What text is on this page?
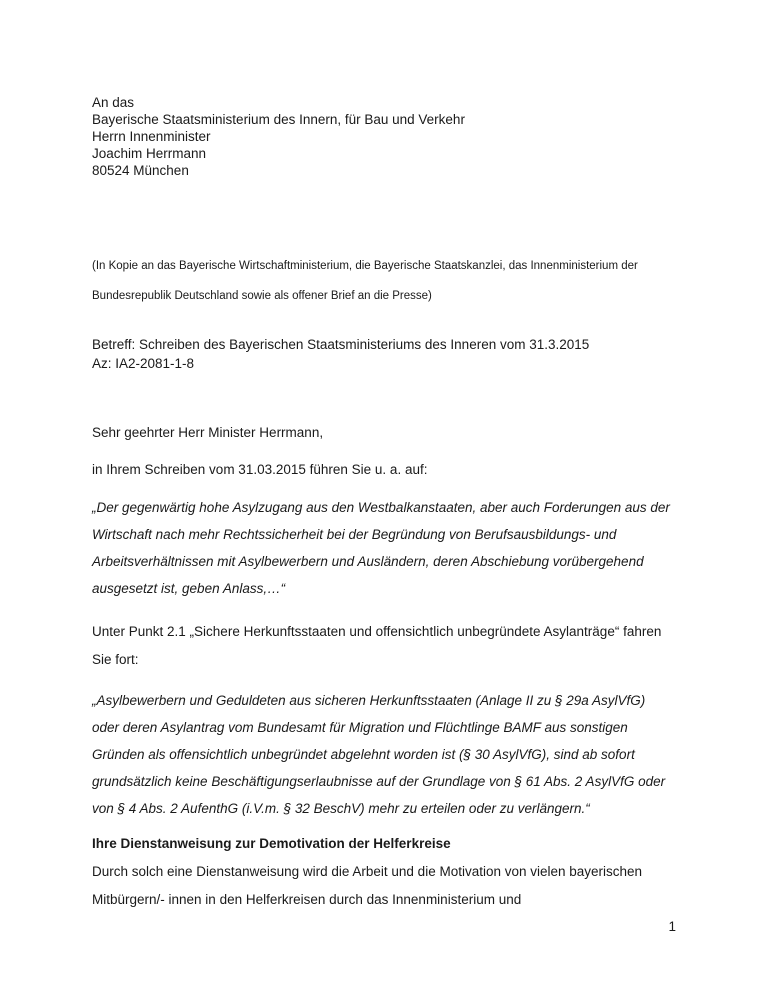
An das
Bayerische Staatsministerium des Innern, für Bau und Verkehr
Herrn Innenminister
Joachim Herrmann
80524 München
(In Kopie an das Bayerische Wirtschaftministerium, die Bayerische Staatskanzlei, das Innenministerium der Bundesrepublik Deutschland sowie als offener Brief an die Presse)
Betreff: Schreiben des Bayerischen Staatsministeriums des Inneren vom 31.3.2015
Az: IA2-2081-1-8
Sehr geehrter Herr Minister Herrmann,
in Ihrem Schreiben vom 31.03.2015 führen Sie u. a. auf:
„Der gegenwärtig hohe Asylzugang aus den Westbalkanstaaten, aber auch Forderungen aus der Wirtschaft nach mehr Rechtssicherheit bei der Begründung von Berufsausbildungs- und Arbeitsverhältnissen mit Asylbewerbern und Ausländern, deren Abschiebung vorübergehend ausgesetzt ist, geben Anlass,…“
Unter Punkt 2.1 „Sichere Herkunftsstaaten und offensichtlich unbegründete Asylanträge“ fahren Sie fort:
„Asylbewerbern und Geduldeten aus sicheren Herkunftsstaaten (Anlage II zu § 29a AsylVfG) oder deren Asylantrag vom Bundesamt für Migration und Flüchtlinge BAMF aus sonstigen Gründen als offensichtlich unbegründet abgelehnt worden ist (§ 30 AsylVfG), sind ab sofort grundsätzlich keine Beschäftigungserlaubnisse auf der Grundlage von § 61 Abs. 2 AsylVfG oder von § 4 Abs. 2 AufenthG (i.V.m. § 32 BeschV) mehr zu erteilen oder zu verlängern.“
Ihre Dienstanweisung zur Demotivation der Helferkreise
Durch solch eine Dienstanweisung wird die Arbeit und die Motivation von vielen bayerischen Mitbürgern/- innen in den Helferkreisen durch das Innenministerium und
1
